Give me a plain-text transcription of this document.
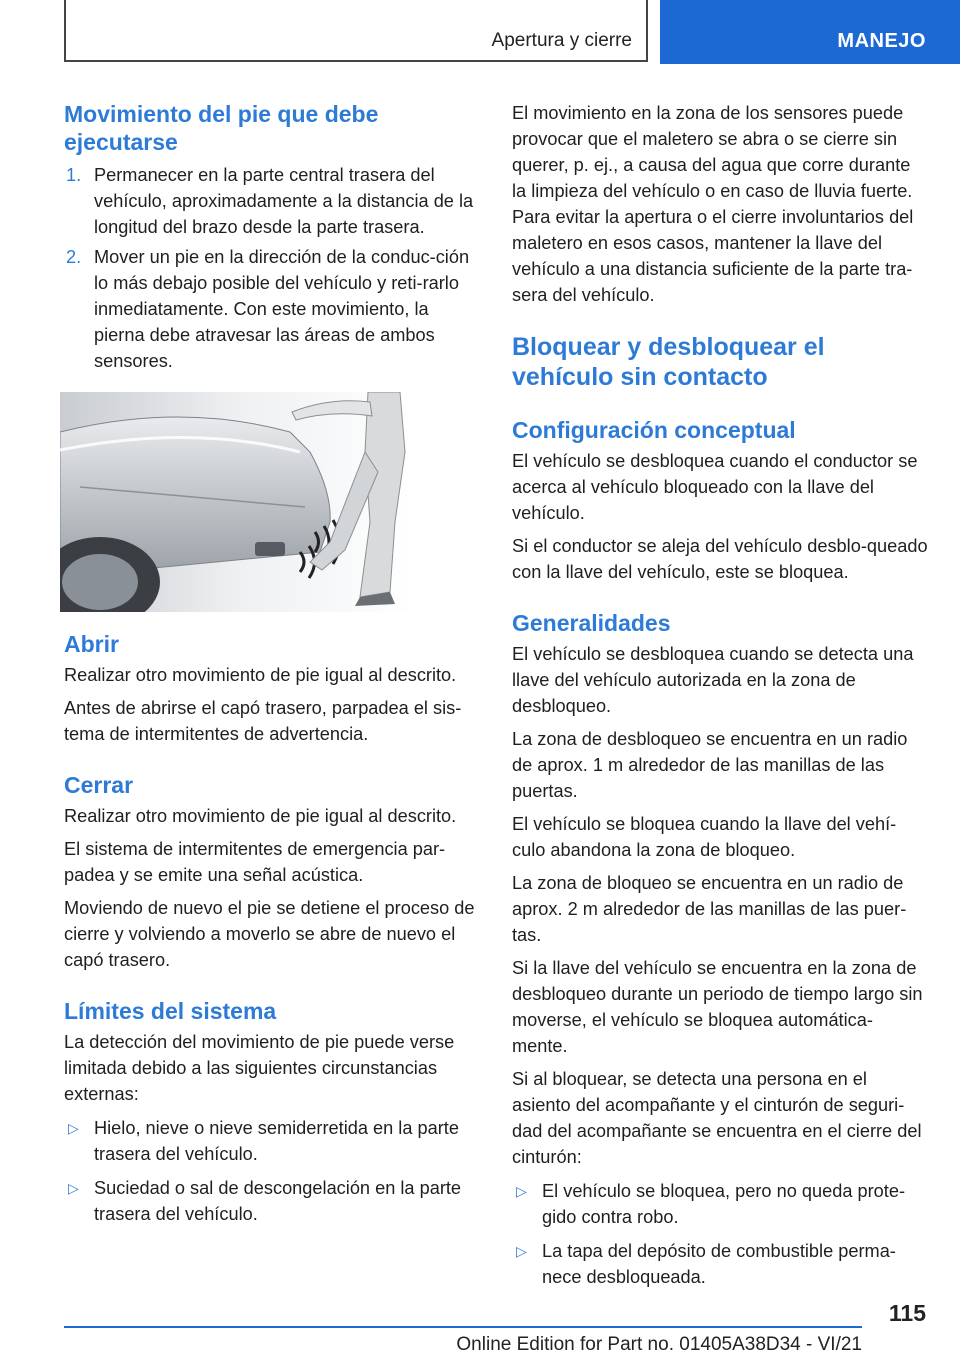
Apertura y cierre	MANEJO
Movimiento del pie que debe ejecutarse
1. Permanecer en la parte central trasera del vehículo, aproximadamente a la distancia de la longitud del brazo desde la parte trasera.
2. Mover un pie en la dirección de la conduc‐ción lo más debajo posible del vehículo y reti‐rarlo inmediatamente. Con este movimiento, la pierna debe atravesar las áreas de ambos sensores.
Abrir

Realizar otro movimiento de pie igual al descrito.

Antes de abrirse el capó trasero, parpadea el sis‐tema de intermitentes de advertencia.

Cerrar

Realizar otro movimiento de pie igual al descrito.

El sistema de intermitentes de emergencia par‐padea y se emite una señal acústica.

Moviendo de nuevo el pie se detiene el proceso de cierre y volviendo a moverlo se abre de nuevo el capó trasero.

Límites del sistema

La detección del movimiento de pie puede verse limitada debido a las siguientes circunstancias externas:

▷ Hielo, nieve o nieve semiderretida en la parte trasera del vehículo.
▷ Suciedad o sal de descongelación en la parte trasera del vehículo.

El movimiento en la zona de los sensores puede provocar que el maletero se abra o se cierre sin querer, p. ej., a causa del agua que corre durante la limpieza del vehículo o en caso de lluvia fuerte. Para evitar la apertura o el cierre involuntarios del maletero en esos casos, mantener la llave del vehículo a una distancia suficiente de la parte tra‐sera del vehículo.

Bloquear y desbloquear el vehículo sin contacto
Configuración conceptual

El vehículo se desbloquea cuando el conductor se acerca al vehículo bloqueado con la llave del vehículo.

Si el conductor se aleja del vehículo desblo‐queado con la llave del vehículo, este se bloquea.

Generalidades

El vehículo se desbloquea cuando se detecta una llave del vehículo autorizada en la zona de desbloqueo.

La zona de desbloqueo se encuentra en un radio de aprox. 1 m alrededor de las manillas de las puertas.

El vehículo se bloquea cuando la llave del vehí‐culo abandona la zona de bloqueo.

La zona de bloqueo se encuentra en un radio de aprox. 2 m alrededor de las manillas de las puer‐tas.

Si la llave del vehículo se encuentra en la zona de desbloqueo durante un periodo de tiempo largo sin moverse, el vehículo se bloquea automática‐mente.

Si al bloquear, se detecta una persona en el asiento del acompañante y el cinturón de seguri‐dad del acompañante se encuentra en el cierre del cinturón:

▷ El vehículo se bloquea, pero no queda prote‐gido contra robo.
▷ La tapa del depósito de combustible perma‐nece desbloqueada.
115
Online Edition for Part no. 01405A38D34 - VI/21
